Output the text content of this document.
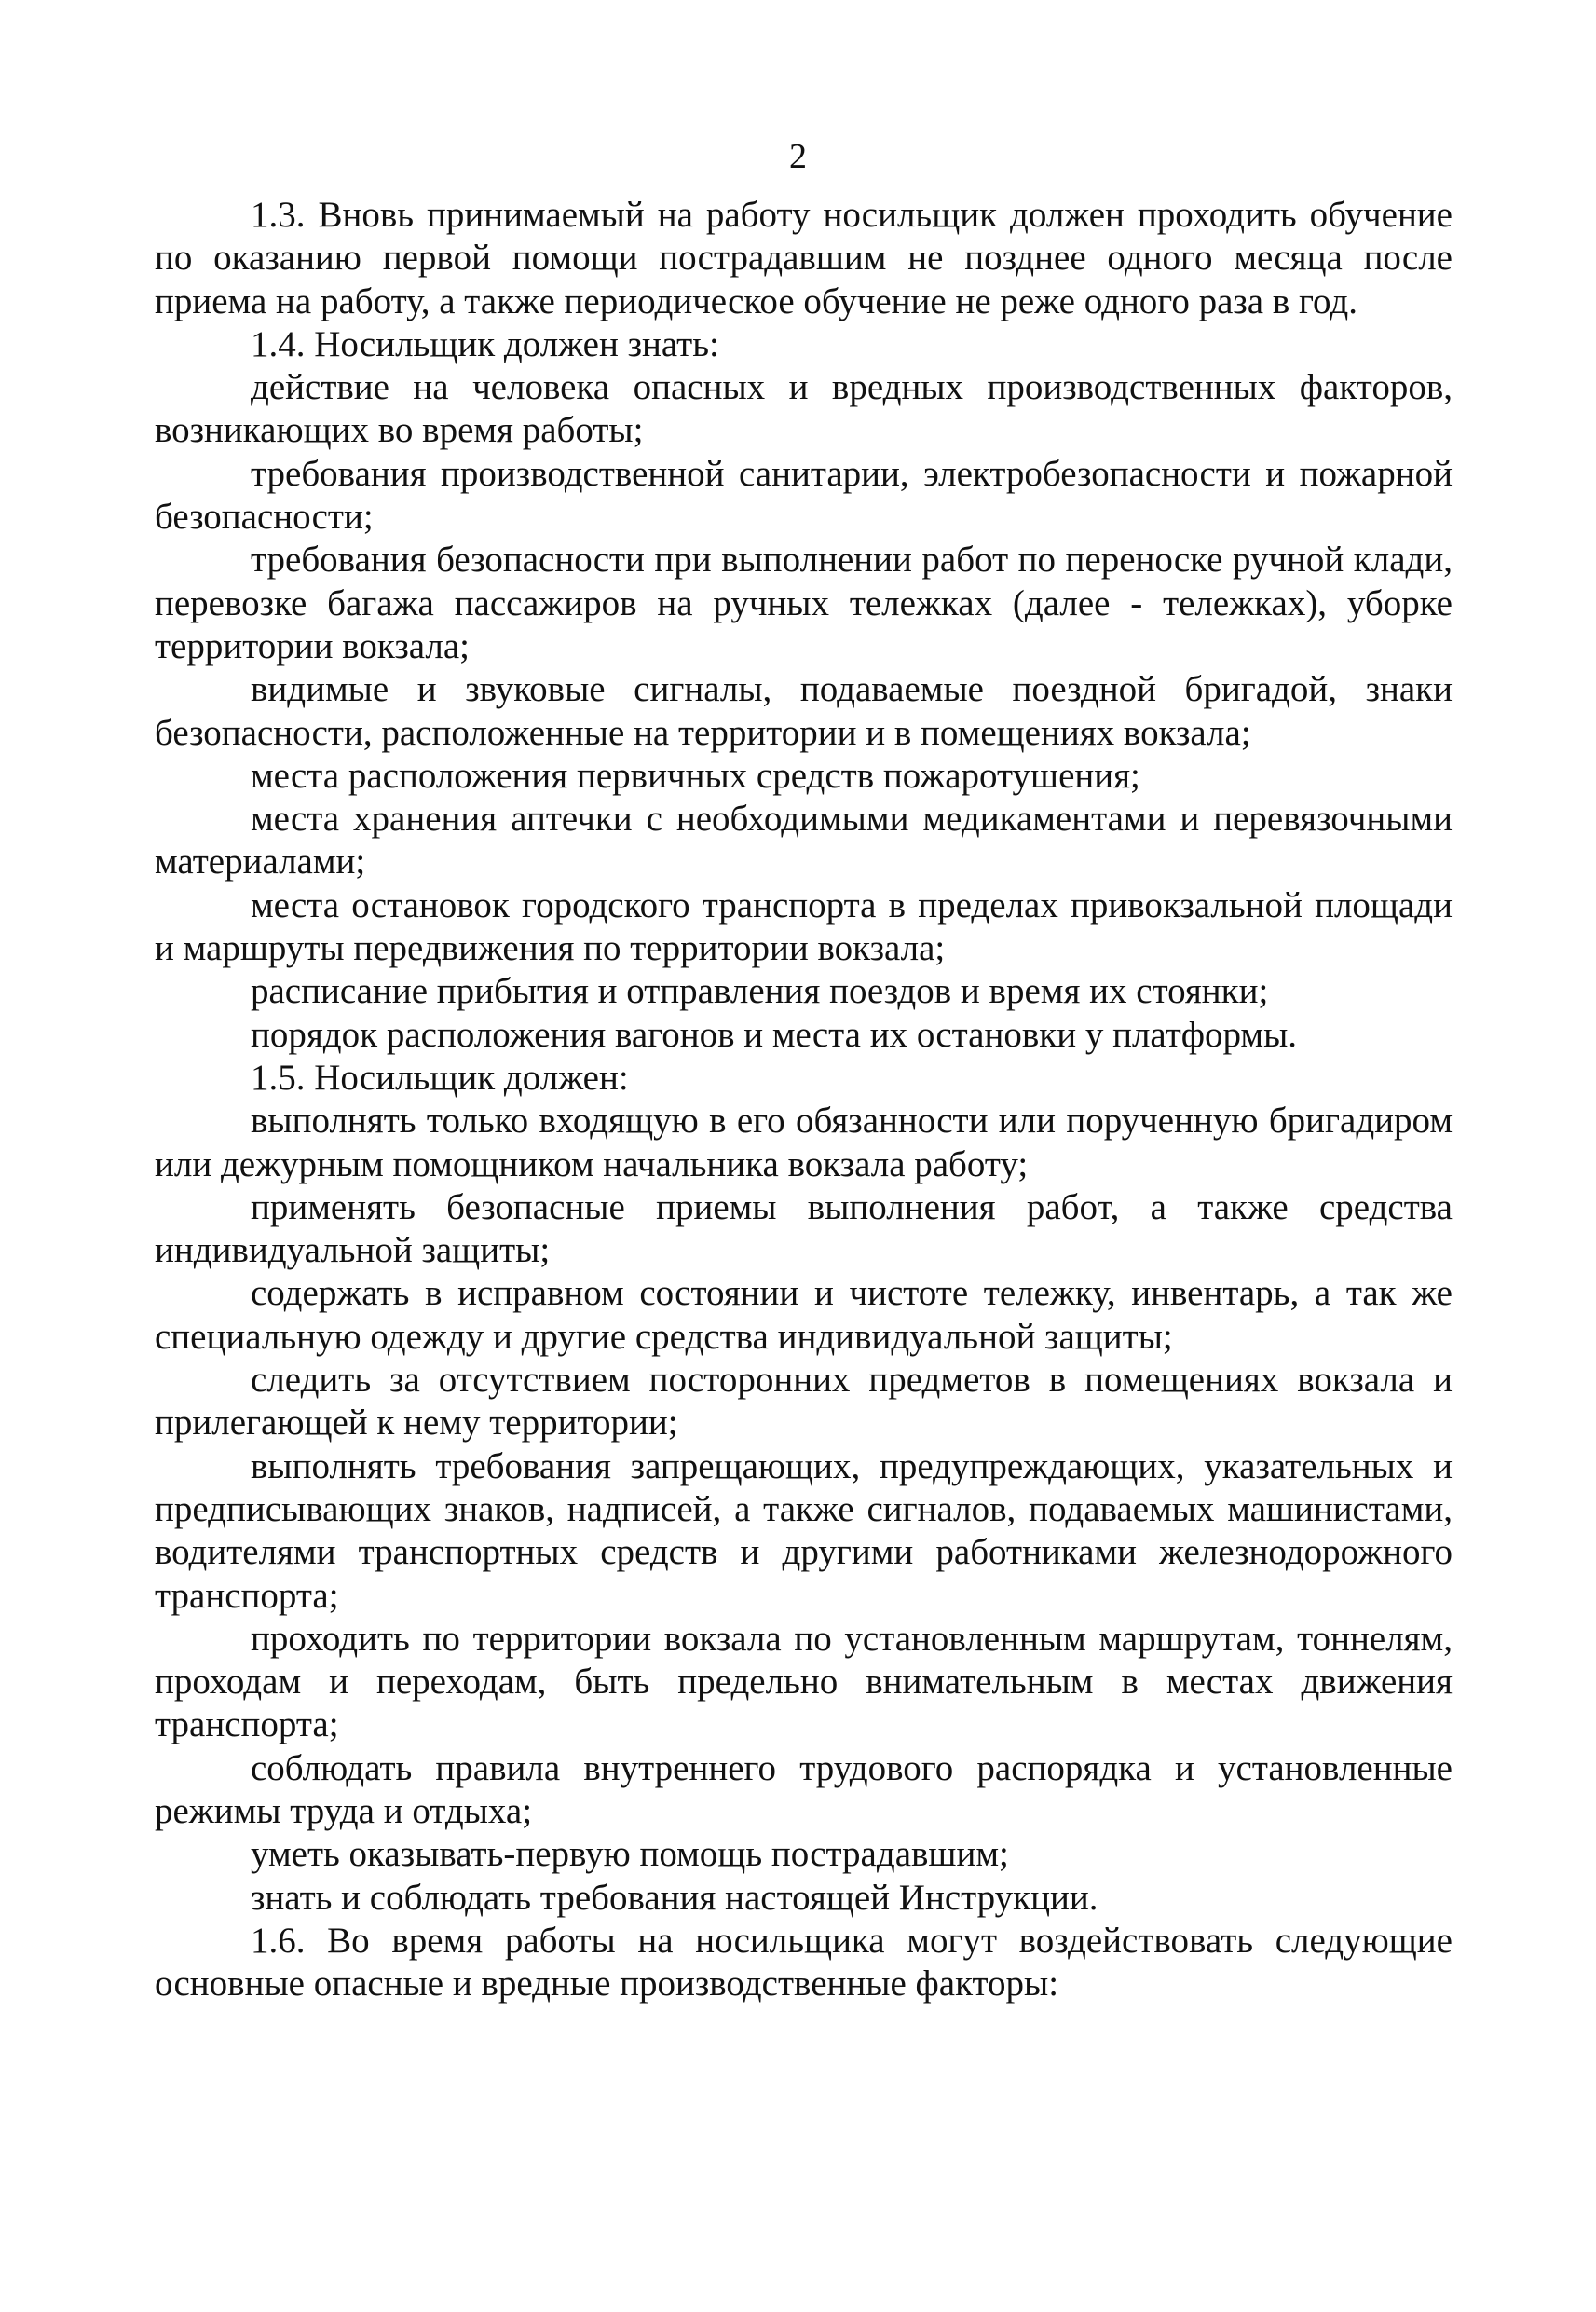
2

1.3. Вновь принимаемый на работу носильщик должен проходить обучение по оказанию первой помощи пострадавшим не позднее одного месяца после приема на работу, а также периодическое обучение не реже одного раза в год.

1.4. Носильщик должен знать:

действие на человека опасных и вредных производственных факторов, возникающих во время работы;

требования производственной санитарии, электробезопасности и пожарной безопасности;

требования безопасности при выполнении работ по переноске ручной клади, перевозке багажа пассажиров на ручных тележках (далее - тележках), уборке территории вокзала;

видимые и звуковые сигналы, подаваемые поездной бригадой, знаки безопасности, расположенные на территории и в помещениях вокзала;

места расположения первичных средств пожаротушения;

места хранения аптечки с необходимыми медикаментами и перевязочными материалами;

места остановок городского транспорта в пределах привокзальной площади и маршруты передвижения по территории вокзала;

расписание прибытия и отправления поездов и время их стоянки;

порядок расположения вагонов и места их остановки у платформы.

1.5. Носильщик должен:

выполнять только входящую в его обязанности или порученную бригадиром или дежурным помощником начальника вокзала работу;

применять безопасные приемы выполнения работ, а также средства индивидуальной защиты;

содержать в исправном состоянии и чистоте тележку, инвентарь, а так же специальную одежду и другие средства индивидуальной защиты;

следить за отсутствием посторонних предметов в помещениях вокзала и прилегающей к нему территории;

выполнять требования запрещающих, предупреждающих, указательных и предписывающих знаков, надписей, а также сигналов, подаваемых машинистами, водителями транспортных средств и другими работниками железнодорожного транспорта;

проходить по территории вокзала по установленным маршрутам, тоннелям, проходам и переходам, быть предельно внимательным в местах движения транспорта;

соблюдать правила внутреннего трудового распорядка и установленные режимы труда и отдыха;

уметь оказывать-первую помощь пострадавшим;

знать и соблюдать требования настоящей Инструкции.

1.6. Во время работы на носильщика могут воздействовать следующие основные опасные и вредные производственные факторы:
